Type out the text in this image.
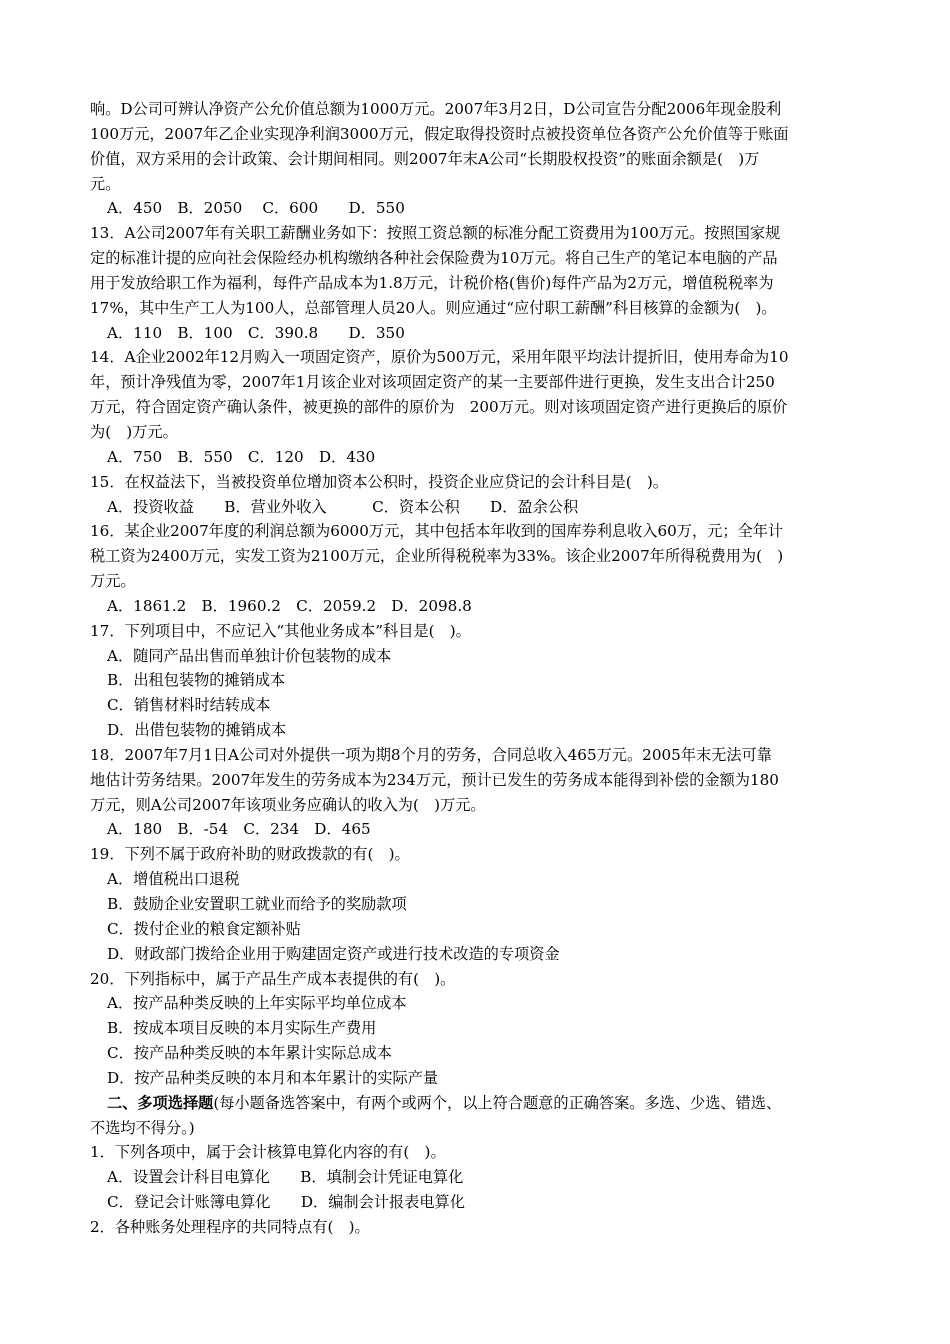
响。D公司可辨认净资产公允价值总额为1000万元。2007年3月2日，D公司宣告分配2006年现金股利
100万元，2007年乙企业实现净利润3000万元，假定取得投资时点被投资单位各资产公允价值等于账面
价值，双方采用的会计政策、会计期间相同。则2007年末A公司“长期股权投资”的账面余额是(　)万
元。
A．450　B．2050　 C．600　　D．550
13．A公司2007年有关职工薪酬业务如下：按照工资总额的标准分配工资费用为100万元。按照国家规
定的标准计提的应向社会保险经办机构缴纳各种社会保险费为10万元。将自己生产的笔记本电脑的产品
用于发放给职工作为福利，每件产品成本为1.8万元，计税价格(售价)每件产品为2万元，增值税税率为
17%，其中生产工人为100人，总部管理人员20人。则应通过“应付职工薪酬”科目核算的金额为(　)。
A．110　B．100　C．390.8　　D．350
14．A企业2002年12月购入一项固定资产，原价为500万元，采用年限平均法计提折旧，使用寿命为10
年，预计净残值为零，2007年1月该企业对该项固定资产的某一主要部件进行更换，发生支出合计250
万元，符合固定资产确认条件，被更换的部件的原价为　200万元。则对该项固定资产进行更换后的原价
为(　)万元。
A．750　B．550　C．120　D．430
15．在权益法下，当被投资单位增加资本公积时，投资企业应贷记的会计科目是(　)。
A．投资收益　　B．营业外收入　　　C．资本公积　　D．盈余公积
16．某企业2007年度的利润总额为6000万元，其中包括本年收到的国库券利息收入60万，元；全年计
税工资为2400万元，实发工资为2100万元，企业所得税税率为33%。该企业2007年所得税费用为(　)
万元。
A．1861.2　B．1960.2　C．2059.2　D．2098.8
17．下列项目中，不应记入“其他业务成本”科目是(　)。
A．随同产品出售而单独计价包装物的成本
B．出租包装物的摊销成本
C．销售材料时结转成本
D．出借包装物的摊销成本
18．2007年7月1日A公司对外提供一项为期8个月的劳务，合同总收入465万元。2005年末无法可靠
地估计劳务结果。2007年发生的劳务成本为234万元，预计已发生的劳务成本能得到补偿的金额为180
万元，则A公司2007年该项业务应确认的收入为(　)万元。
A．180　B．-54　C．234　D．465
19．下列不属于政府补助的财政拨款的有(　)。
A．增值税出口退税
B．鼓励企业安置职工就业而给予的奖励款项
C．拨付企业的粮食定额补贴
D．财政部门拨给企业用于购建固定资产或进行技术改造的专项资金
20．下列指标中，属于产品生产成本表提供的有(　)。
A．按产品种类反映的上年实际平均单位成本
B．按成本项目反映的本月实际生产费用
C．按产品种类反映的本年累计实际总成本
D．按产品种类反映的本月和本年累计的实际产量
二、多项选择题(每小题备选答案中，有两个或两个，以上符合题意的正确答案。多选、少选、错选、
不选均不得分。)
1．下列各项中，属于会计核算电算化内容的有(　)。
A．设置会计科目电算化　　B．填制会计凭证电算化
C．登记会计账簿电算化　　D．编制会计报表电算化
2．各种账务处理程序的共同特点有(　)。
